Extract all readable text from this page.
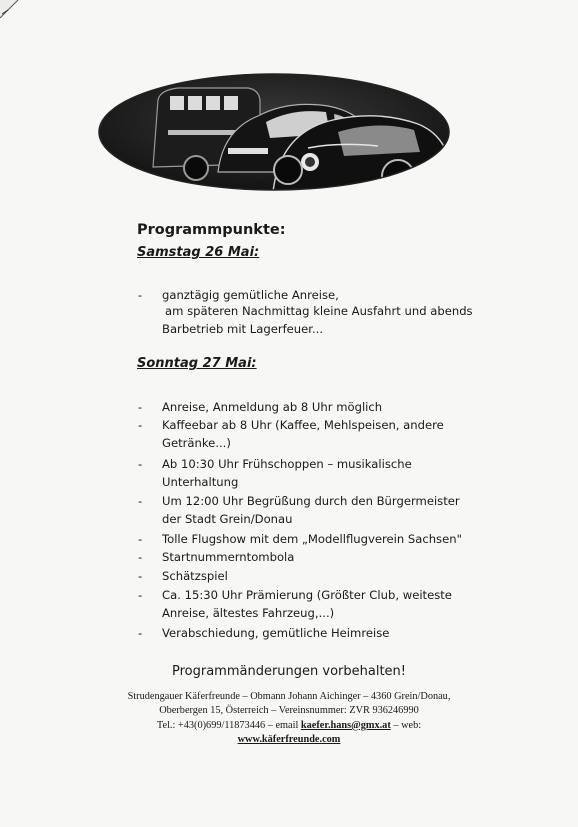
Programmpunkte:
Samstag 26 Mai:
- ganztägig gemütliche Anreise,
am späteren Nachmittag kleine Ausfahrt und abends
Barbetrieb mit Lagerfeuer...
Sonntag 27 Mai:
- Anreise, Anmeldung ab 8 Uhr möglich
- Kaffeebar ab 8 Uhr (Kaffee, Mehlspeisen, andere
Getränke...)
- Ab 10:30 Uhr Frühschoppen – musikalische
Unterhaltung
- Um 12:00 Uhr Begrüßung durch den Bürgermeister
der Stadt Grein/Donau
- Tolle Flugshow mit dem „Modellflugverein Sachsen"
- Startnummerntombola
- Schätzspiel
- Ca. 15:30 Uhr Prämierung (Größter Club, weiteste
Anreise, ältestes Fahrzeug,...)
- Verabschiedung, gemütliche Heimreise

Programmänderungen vorbehalten!

Strudengauer Käferfreunde – Obmann Johann Aichinger – 4360 Grein/Donau,
Oberbergen 15, Österreich – Vereinsnummer: ZVR 936246990
Tel.: +43(0)699/11873446 – email kaefer.hans@gmx.at – web:
www.käferfreunde.com
